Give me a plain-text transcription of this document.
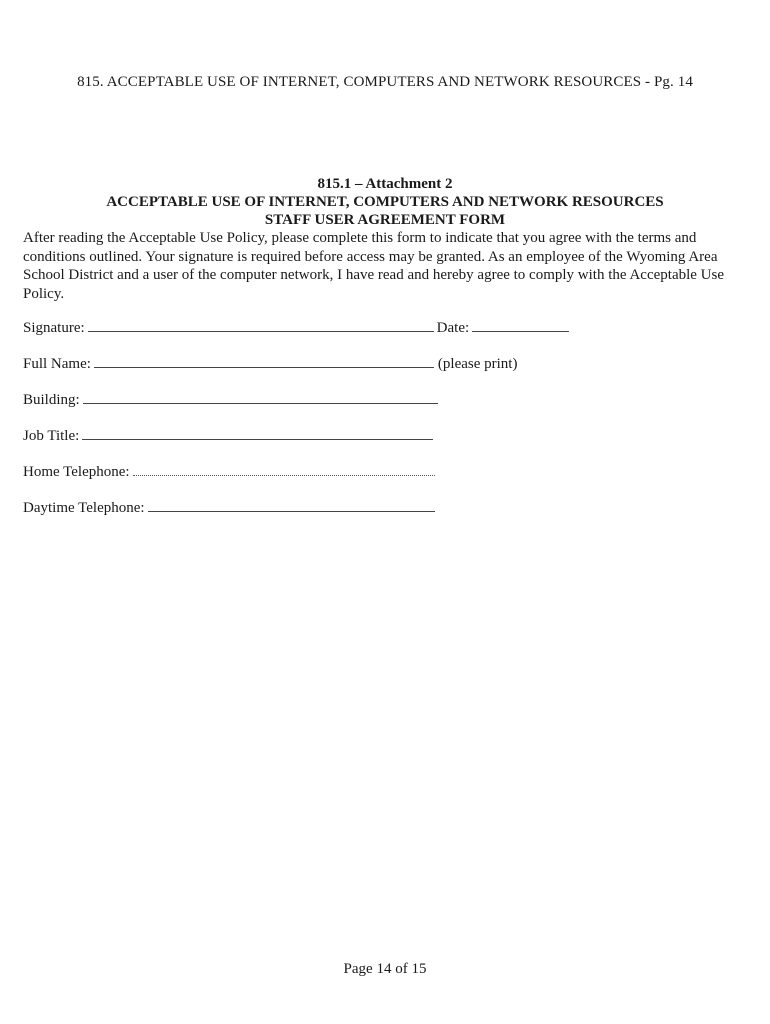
815. ACCEPTABLE USE OF INTERNET, COMPUTERS AND NETWORK RESOURCES - Pg. 14
815.1 – Attachment 2
ACCEPTABLE USE OF INTERNET, COMPUTERS AND NETWORK RESOURCES
STAFF USER AGREEMENT FORM
After reading the Acceptable Use Policy, please complete this form to indicate that you agree with the terms and conditions outlined. Your signature is required before access may be granted. As an employee of the Wyoming Area School District and a user of the computer network, I have read and hereby agree to comply with the Acceptable Use Policy.
Signature:	Date:
Full Name:	(please print)
Building:
Job Title:
Home Telephone:
Daytime Telephone:
Page 14 of 15
